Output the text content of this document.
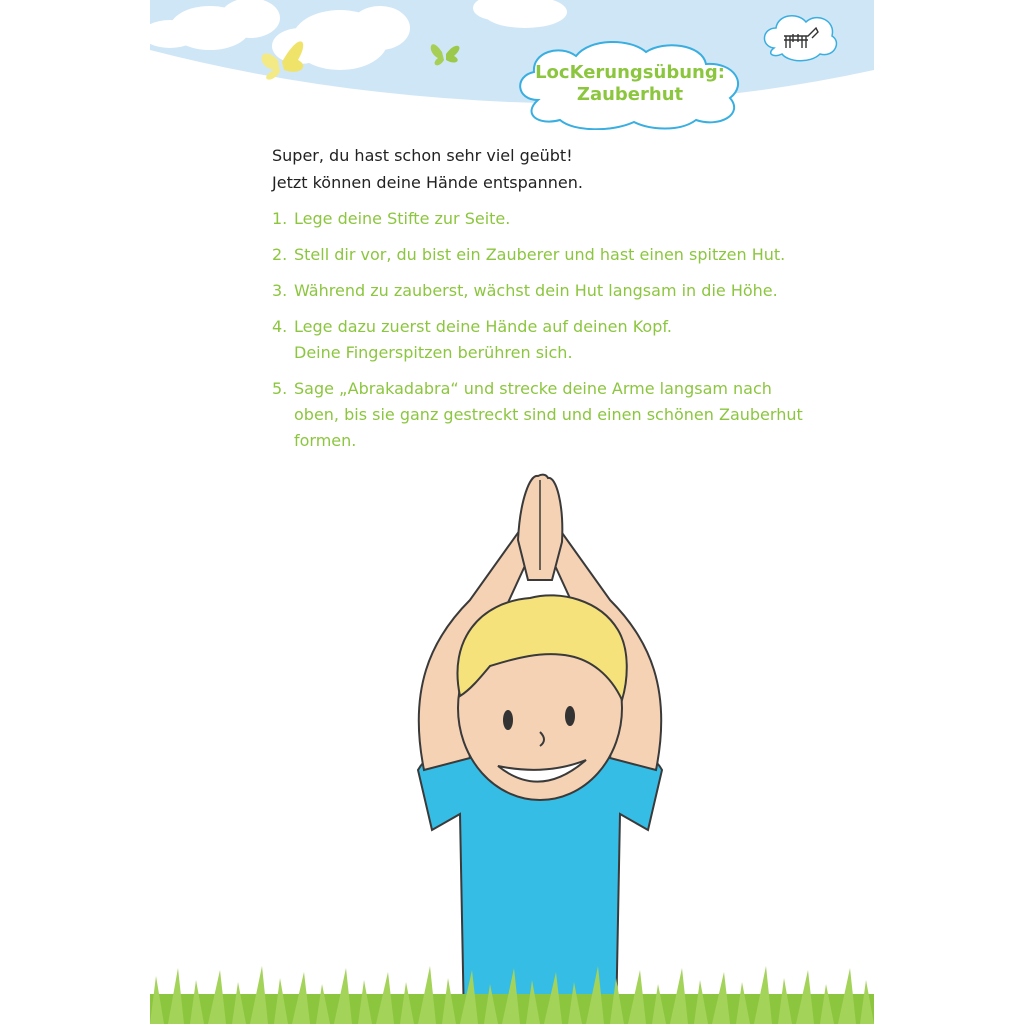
LocKerungsübung:
Zauberhut
Super, du hast schon sehr viel geübt!
Jetzt können deine Hände entspannen.
1. Lege deine Stifte zur Seite.
2. Stell dir vor, du bist ein Zauberer und hast einen spitzen Hut.
3. Während zu zauberst, wächst dein Hut langsam in die Höhe.
4. Lege dazu zuerst deine Hände auf deinen Kopf.
Deine Fingerspitzen berühren sich.
5. Sage „Abrakadabra“ und strecke deine Arme langsam nach
oben, bis sie ganz gestreckt sind und einen schönen Zauberhut
formen.
